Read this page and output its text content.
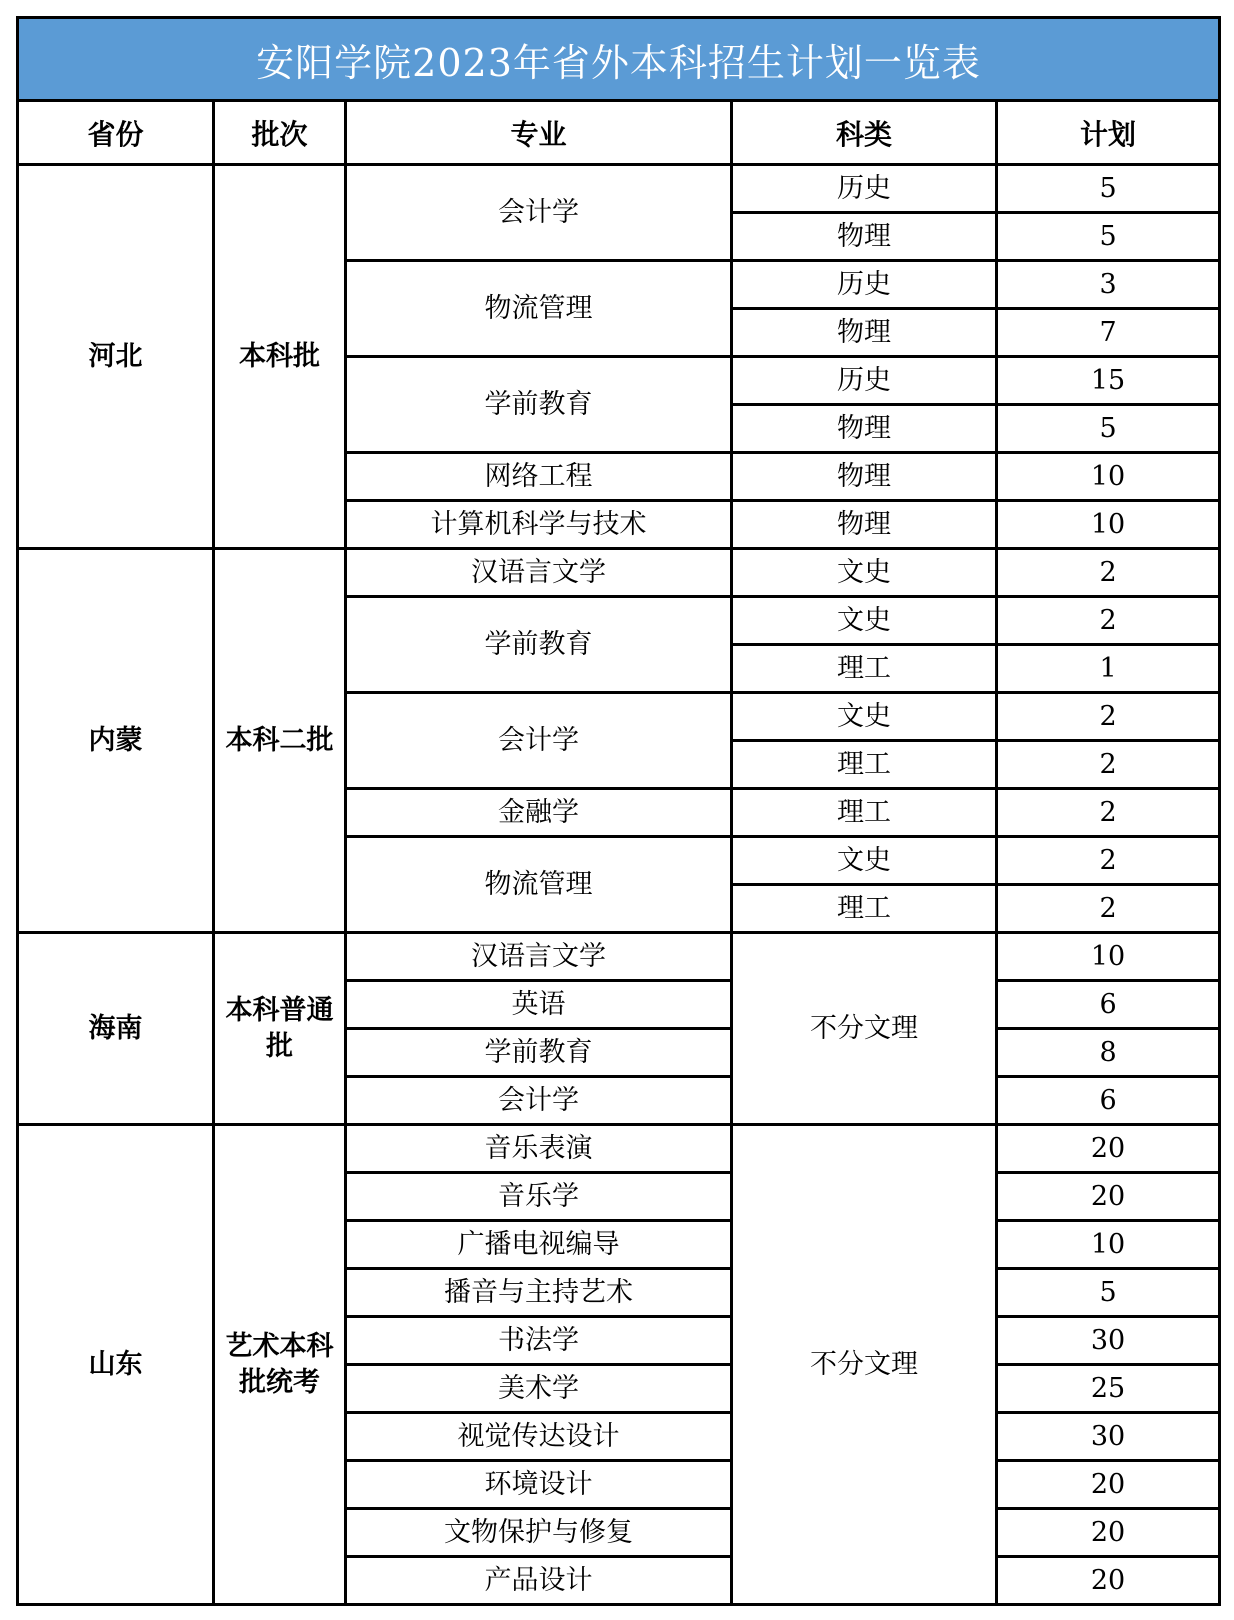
安阳学院2023年省外本科招生计划一览表				
省份	批次	专业	科类	计划
河北	本科批	会计学	历史	5
			物理	5
		物流管理	历史	3
			物理	7
		学前教育	历史	15
			物理	5
		网络工程	物理	10
		计算机科学与技术	物理	10
内蒙	本科二批	汉语言文学	文史	2
		学前教育	文史	2
			理工	1
		会计学	文史	2
			理工	2
		金融学	理工	2
		物流管理	文史	2
			理工	2
海南	本科普通批	汉语言文学	不分文理	10
		英语		6
		学前教育		8
		会计学		6
山东	艺术本科批统考	音乐表演	不分文理	20
		音乐学		20
		广播电视编导		10
		播音与主持艺术		5
		书法学		30
		美术学		25
		视觉传达设计		30
		环境设计		20
		文物保护与修复		20
		产品设计		20
